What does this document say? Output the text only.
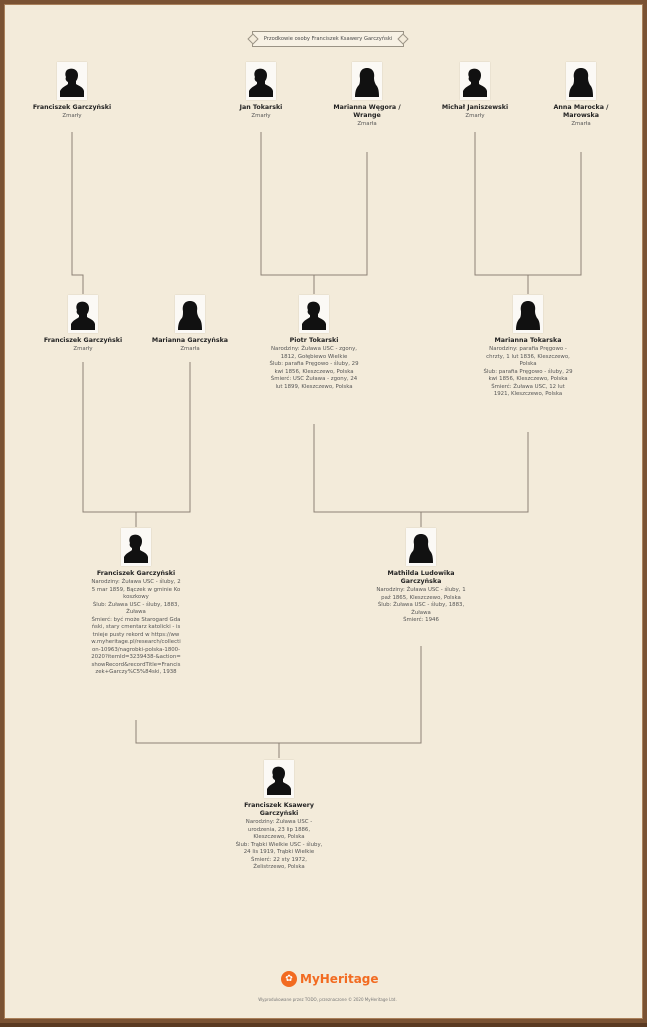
Przodkowie osoby Franciszek Ksawery Garczyński
Franciszek Garczyński
Zmarły
Jan Tokarski
Zmarły
Marianna Węgora / Wrange
Zmarła
Michał Janiszewski
Zmarły
Anna Marocka / Marowska
Zmarła
Franciszek Garczyński
Zmarły
Marianna Garczyńska
Zmarła
Piotr Tokarski
Narodziny: Żuława USC - zgony, 1812, Gołębiewo Wielkie
Ślub: parafia Pręgowo - śluby, 29 kwi 1856, Kleszczewo, Polska
Śmierć: USC Żuława - zgony, 24 lut 1899, Kleszczewo, Polska
Marianna Tokarska
Narodziny: parafia Pręgowo - chrzty, 1 lut 1836, Kleszczewo, Polska
Ślub: parafia Pręgowo - śluby, 29 kwi 1856, Kleszczewo, Polska
Śmierć: Żuława USC, 12 lut 1921, Kleszczewo, Polska
Franciszek Garczyński
Narodziny: Żuława USC - śluby, 25 mar 1859, Bączek w gminie Kokoszkowy
Ślub: Żuława USC - śluby, 1883, Żuława
Śmierć: być może Starogard Gdański, stary cmentarz katolicki - istnieje pusty rekord w https://www.myheritage.pl/research/collection-10963/nagrobki-polska-1800-2020?itemId=3239438-&action=showRecord&recordTitle=Franciszek+Garczy%C5%84ski, 1938
Mathilda Ludowika Garczyńska
Narodziny: Żuława USC - śluby, 1 paź 1865, Kleszczewo, Polska
Ślub: Żuława USC - śluby, 1883, Żuława
Śmierć: 1946
Franciszek Ksawery Garczyński
Narodziny: Żuława USC - urodzenia, 23 lip 1886, Kleszczewo, Polska
Ślub: Trąbki Wielkie USC - śluby, 24 lis 1919, Trąbki Wielkie
Śmierć: 22 sty 1972, Żelistrzewo, Polska
✿ MyHeritage
Wyprodukowane przez TODO, przeznaczone © 2020 MyHeritage Ltd.
